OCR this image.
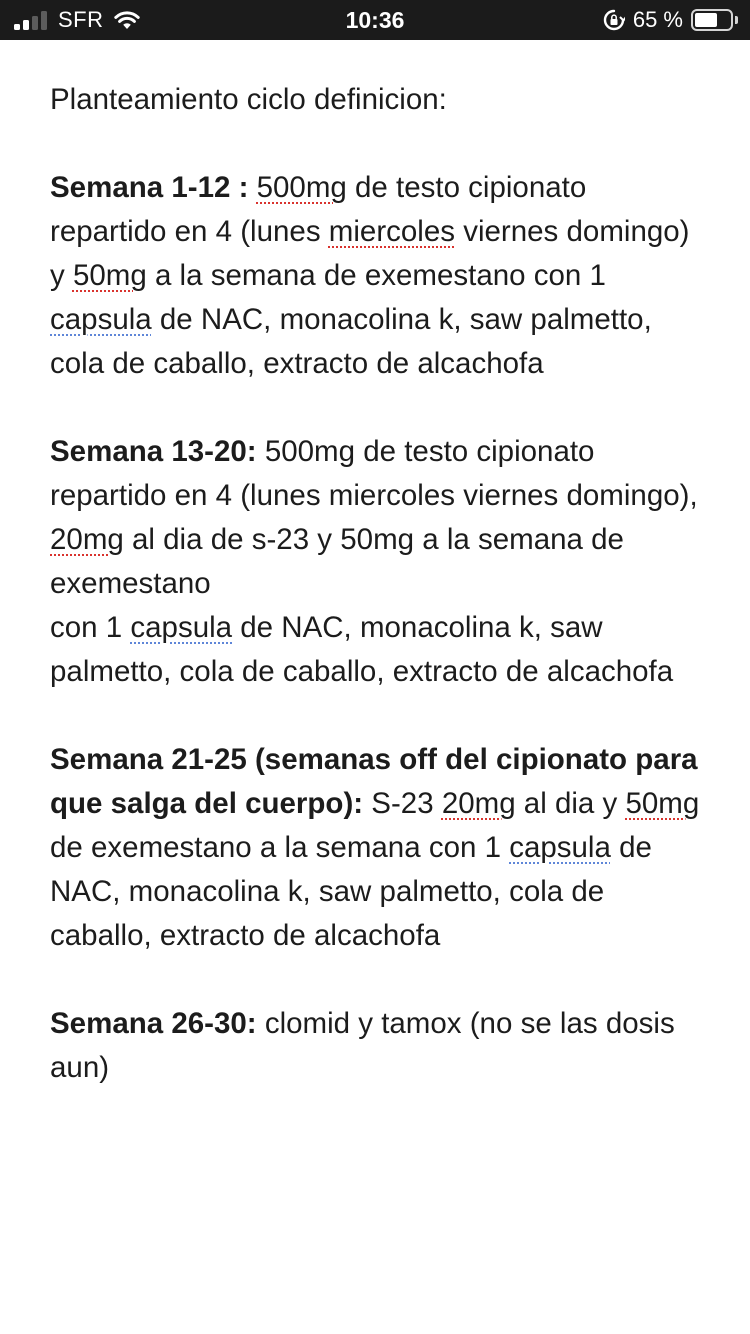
SFR	10:36	65 %

Planteamiento ciclo definicion:

Semana 1-12 : 500mg de testo cipionato repartido en 4 (lunes miercoles viernes domingo) y 50mg a la semana de exemestano con 1 capsula de NAC, monacolina k, saw palmetto, cola de caballo, extracto de alcachofa

Semana 13-20: 500mg de testo cipionato repartido en 4 (lunes miercoles viernes domingo), 20mg al dia de s-23 y 50mg a la semana de exemestano
con 1 capsula de NAC, monacolina k, saw palmetto, cola de caballo, extracto de alcachofa

Semana 21-25 (semanas off del cipionato para que salga del cuerpo): S-23 20mg al dia y 50mg de exemestano a la semana con 1 capsula de NAC, monacolina k, saw palmetto, cola de caballo, extracto de alcachofa

Semana 26-30: clomid y tamox (no se las dosis aun)
